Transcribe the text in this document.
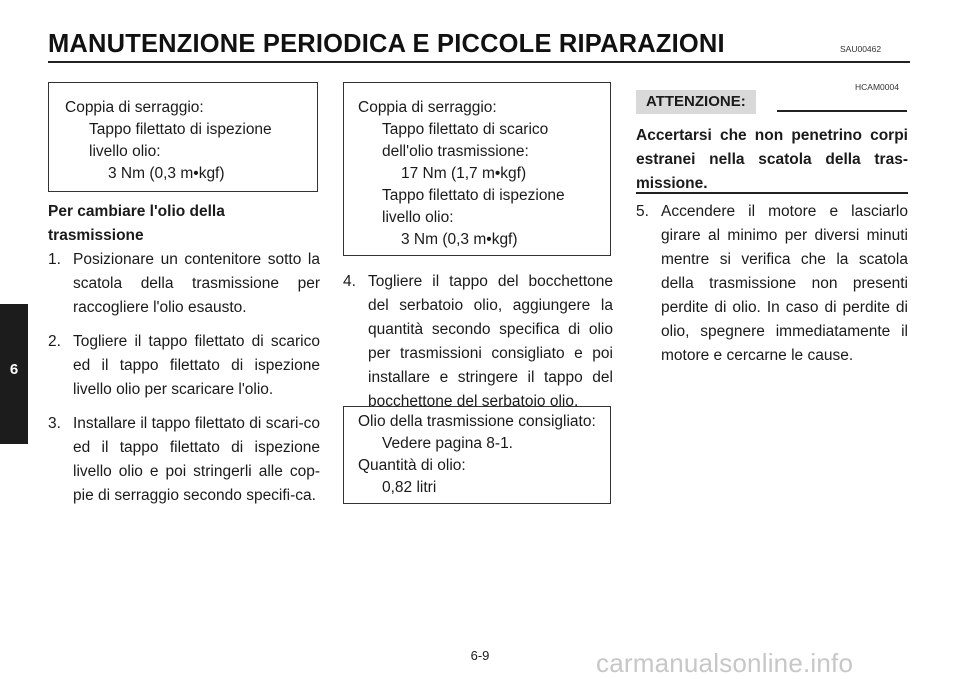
MANUTENZIONE PERIODICA E PICCOLE RIPARAZIONI	SAU00462
6
Coppia di serraggio:
Tappo filettato di ispezione
livello olio:
3 Nm (0,3 m•kgf)
Per cambiare l'olio della
trasmissione
1. Posizionare un contenitore sotto la scatola della trasmissione per raccogliere l'olio esausto.
2. Togliere il tappo filettato di scarico ed il tappo filettato di ispezione livello olio per scaricare l'olio.
3. Installare il tappo filettato di scari-co ed il tappo filettato di ispezione livello olio e poi stringerli alle cop-pie di serraggio secondo specifi-ca.
Coppia di serraggio:
Tappo filettato di scarico
dell'olio trasmissione:
17 Nm (1,7 m•kgf)
Tappo filettato di ispezione
livello olio:
3 Nm (0,3 m•kgf)
4. Togliere il tappo del bocchettone del serbatoio olio, aggiungere la quantità secondo specifica di olio per trasmissioni consigliato e poi installare e stringere il tappo del bocchettone del serbatoio olio.
Olio della trasmissione consigliato:
Vedere pagina 8-1.
Quantità di olio:
0,82 litri
HCAM0004
ATTENZIONE:
Accertarsi che non penetrino corpi estranei nella scatola della tras-missione.
5. Accendere il motore e lasciarlo girare al minimo per diversi minuti mentre si verifica che la scatola della trasmissione non presenti perdite di olio. In caso di perdite di olio, spegnere immediatamente il motore e cercarne le cause.
6-9	carmanualsonline.info
